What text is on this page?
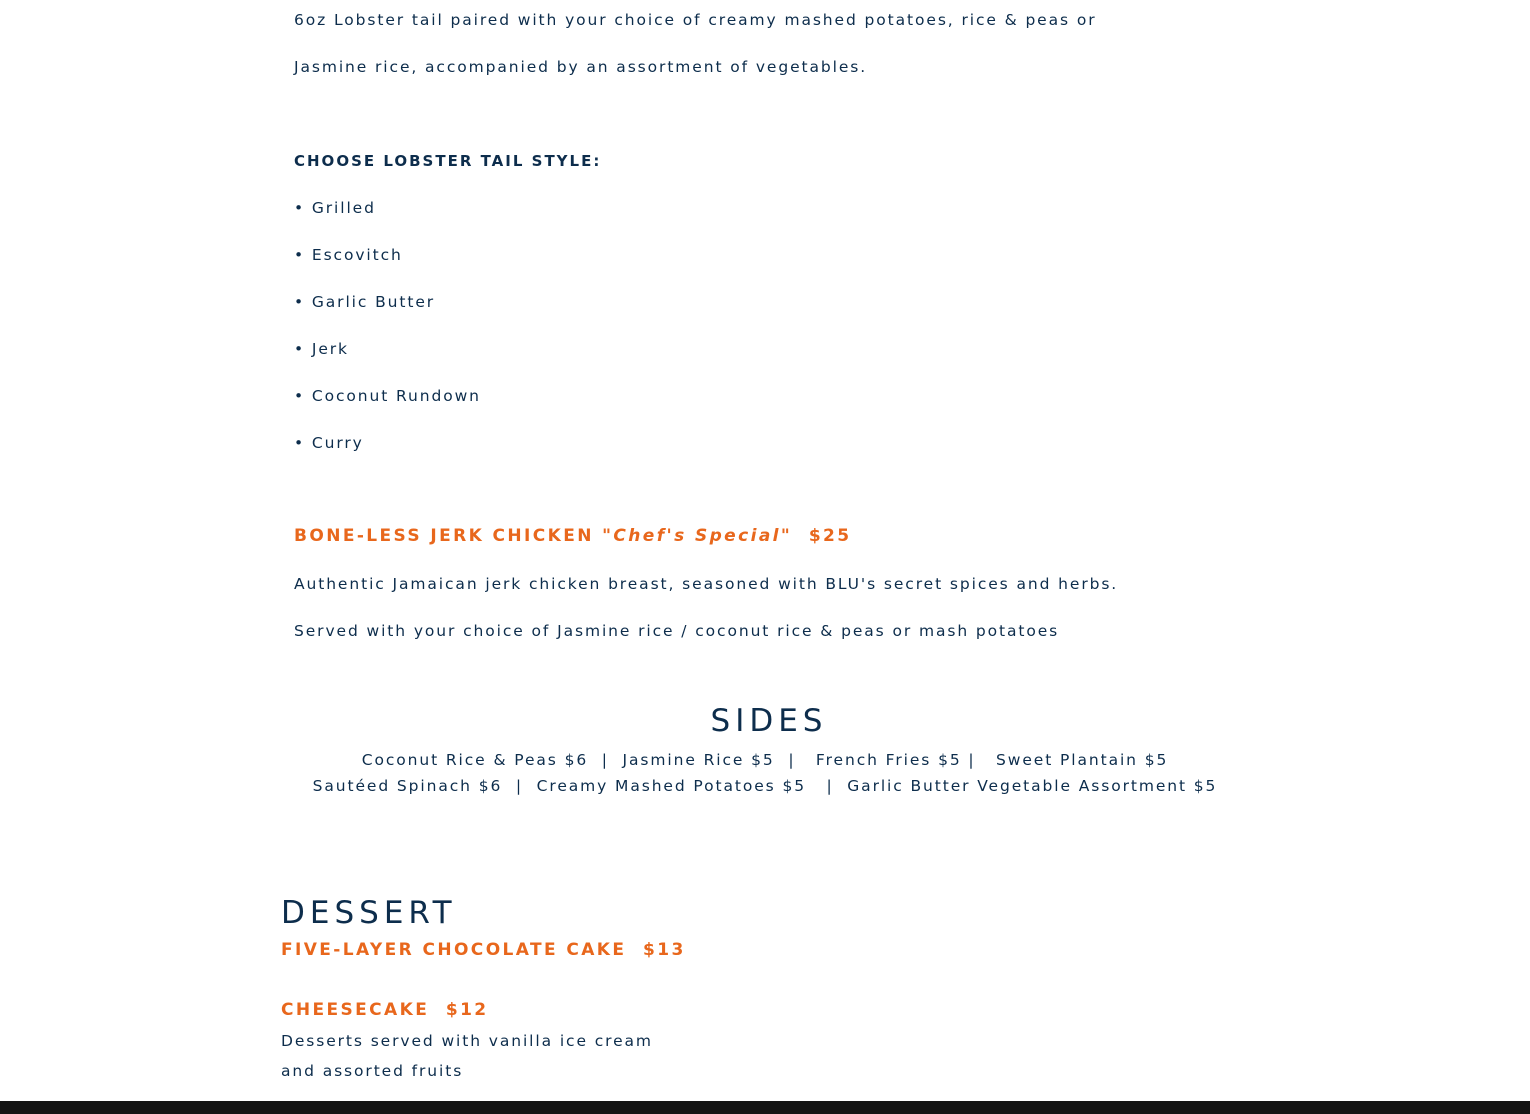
6oz Lobster tail paired with your choice of creamy mashed potatoes, rice & peas or

Jasmine rice, accompanied by an assortment of vegetables.

CHOOSE LOBSTER TAIL STYLE:

• Grilled

• Escovitch

• Garlic Butter

• Jerk

• Coconut Rundown

• Curry

BONE-LESS JERK CHICKEN "Chef's Special"  $25

Authentic Jamaican jerk chicken breast, seasoned with BLU's secret spices and herbs.

Served with your choice of Jasmine rice / coconut rice & peas or mash potatoes

SIDES

Coconut Rice & Peas $6  |  Jasmine Rice $5  |   French Fries $5 |   Sweet Plantain $5

Sautéed Spinach $6  |  Creamy Mashed Potatoes $5   |  Garlic Butter Vegetable Assortment $5

DESSERT

FIVE-LAYER CHOCOLATE CAKE  $13

CHEESECAKE  $12

Desserts served with vanilla ice cream

and assorted fruits
